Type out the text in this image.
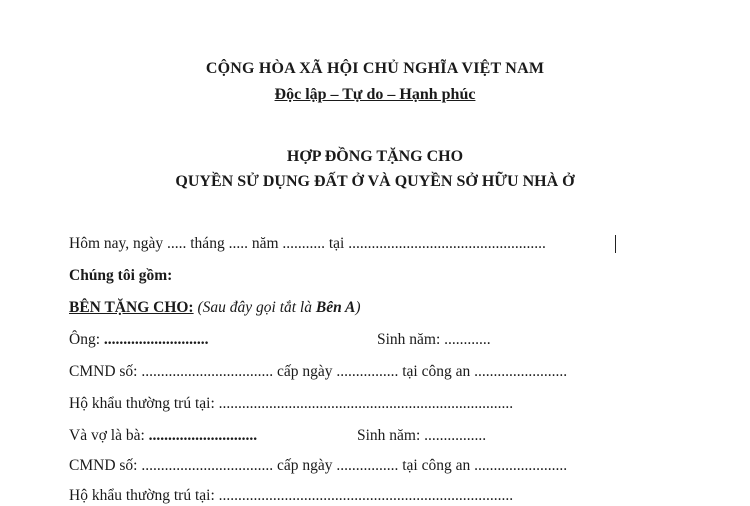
CỘNG HÒA XÃ HỘI CHỦ NGHĨA VIỆT NAM
Độc lập – Tự do – Hạnh phúc
HỢP ĐỒNG TẶNG CHO
QUYỀN SỬ DỤNG ĐẤT Ở VÀ QUYỀN SỞ HỮU NHÀ Ở
Hôm nay, ngày ..... tháng ..... năm ........... tại ...................................................
Chúng tôi gồm:
BÊN TẶNG CHO: (Sau đây gọi tắt là Bên A)
Ông: ...........................	Sinh năm: ............
CMND số: .................................. cấp ngày ................ tại công an ........................
Hộ khẩu thường trú tại: ............................................................................
Và vợ là bà: ............................	Sinh năm: ................
CMND số: .................................. cấp ngày ................ tại công an ........................
Hộ khẩu thường trú tại: ............................................................................
